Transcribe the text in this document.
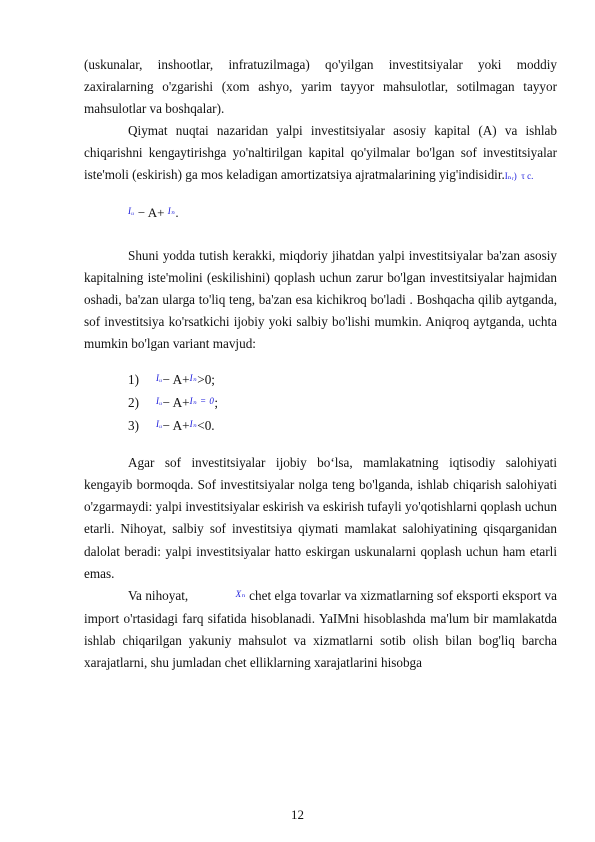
(uskunalar, inshootlar, infratuzilmaga) qo'yilgan investitsiyalar yoki moddiy zaxiralarning o'zgarishi (xom ashyo, yarim tayyor mahsulotlar, sotilmagan tayyor mahsulotlar va boshqalar).

Qiymat nuqtai nazaridan yalpi investitsiyalar asosiy kapital (A) va ishlab chiqarishni kengaytirishga yo'naltirilgan kapital qo'yilmalar bo'lgan sof investitsiyalar iste'moli (eskirish) ga mos keladigan amortizatsiya ajratmalarining yig'indisidir.Iₙᵣ)  τ c.

Iᵤ − A+ Iₙ.

Shuni yodda tutish kerakki, miqdoriy jihatdan yalpi investitsiyalar ba'zan asosiy kapitalning iste'molini (eskilishini) qoplash uchun zarur bo'lgan investitsiyalar hajmidan oshadi, ba'zan ularga to'liq teng, ba'zan esa kichikroq bo'ladi . Boshqacha qilib aytganda, sof investitsiya ko'rsatkichi ijobiy yoki salbiy bo'lishi mumkin. Aniqroq aytganda, uchta mumkin bo'lgan variant mavjud:

1)	Iᵤ − A+ Iₙ >0;
2)	Iᵤ − A+ Iₙ = 0 ;
3)	Iᵤ − A+ Iₙ <0.

Agar sof investitsiyalar ijobiy bo‘lsa, mamlakatning iqtisodiy salohiyati kengayib bormoqda. Sof investitsiyalar nolga teng bo'lganda, ishlab chiqarish salohiyati o'zgarmaydi: yalpi investitsiyalar eskirish va eskirish tufayli yo'qotishlarni qoplash uchun etarli. Nihoyat, salbiy sof investitsiya qiymati mamlakat salohiyatining qisqarganidan dalolat beradi: yalpi investitsiyalar hatto eskirgan uskunalarni qoplash uchun ham etarli emas.

Va nihoyat,	Xₙ chet elga tovarlar va xizmatlarning sof eksporti eksport va import o'rtasidagi farq sifatida hisoblanadi. YaIMni hisoblashda ma'lum bir mamlakatda ishlab chiqarilgan yakuniy mahsulot va xizmatlarni sotib olish bilan bog'liq barcha xarajatlarni, shu jumladan chet elliklarning xarajatlarini hisobga

12
